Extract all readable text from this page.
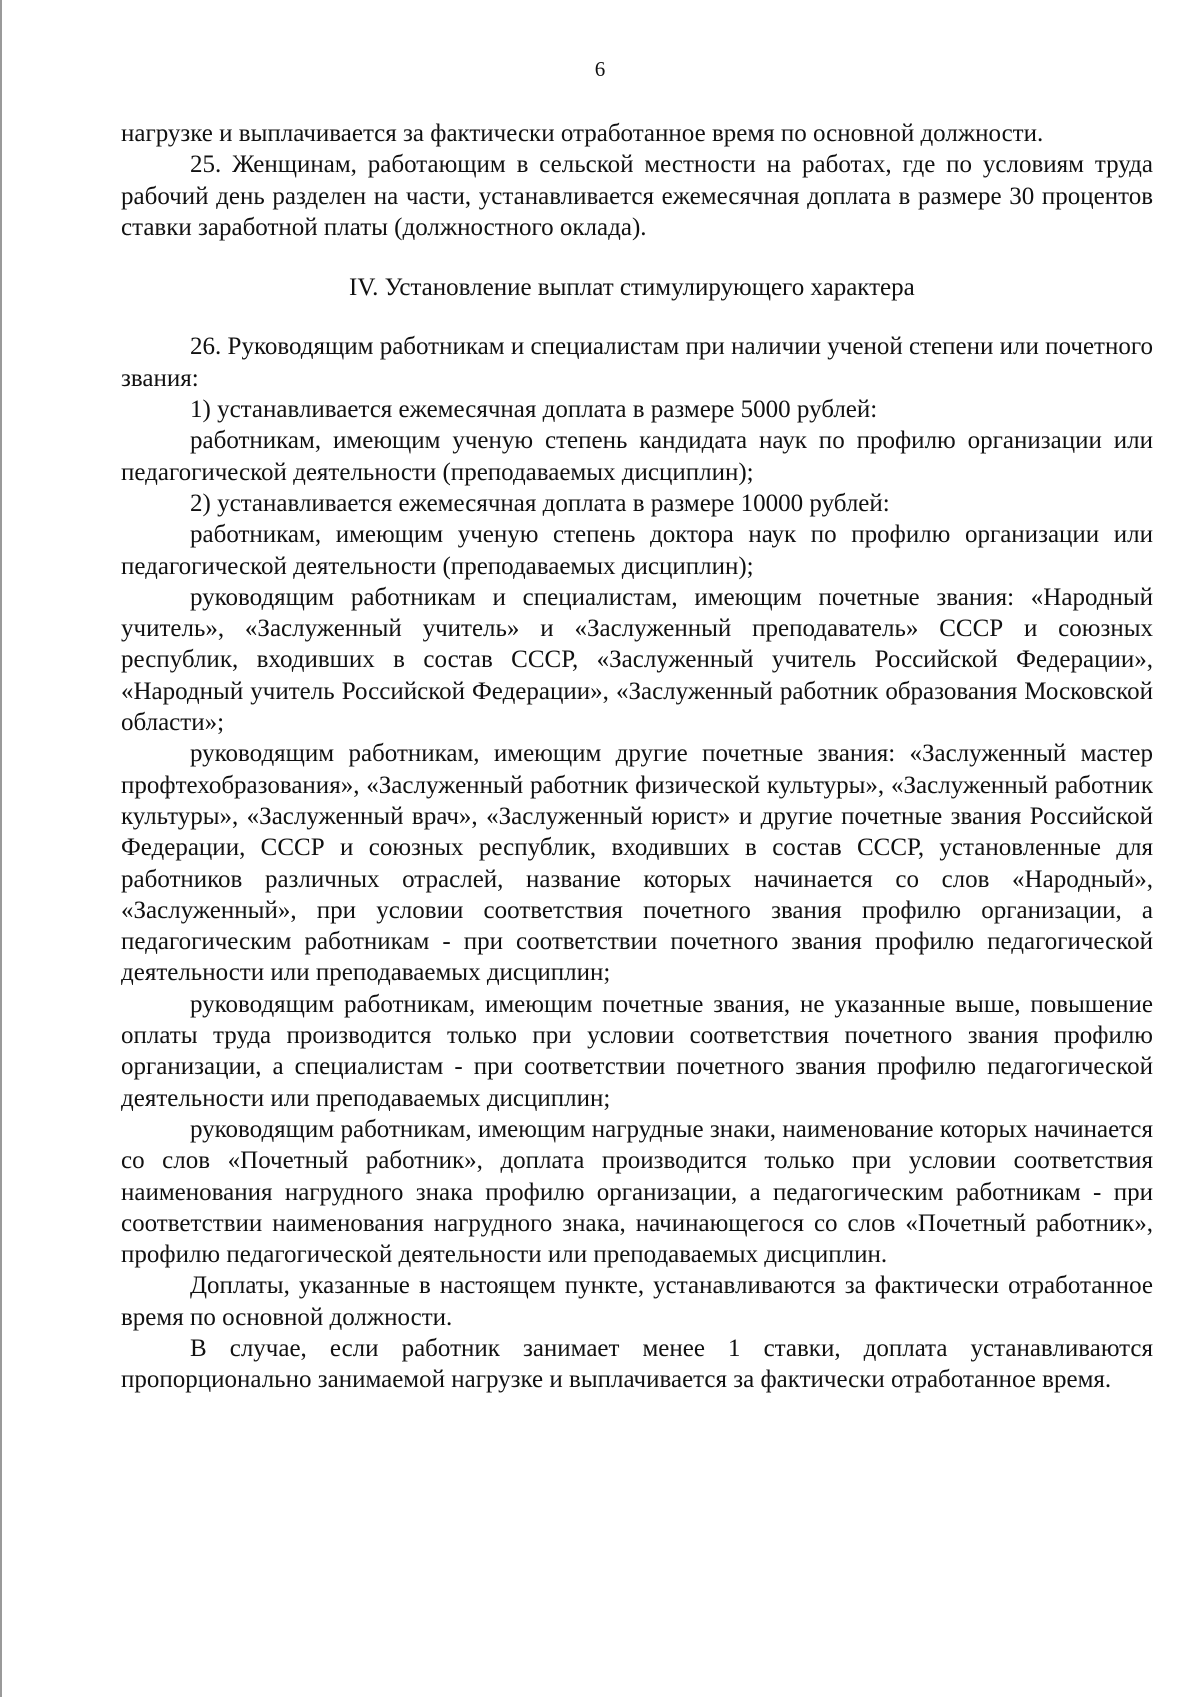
6

нагрузке и выплачивается за фактически отработанное время по основной должности.

25. Женщинам, работающим в сельской местности на работах, где по условиям труда рабочий день разделен на части, устанавливается ежемесячная доплата в размере 30 процентов ставки заработной платы (должностного оклада).

IV. Установление выплат стимулирующего характера

26. Руководящим работникам и специалистам при наличии ученой степени или почетного звания:

1) устанавливается ежемесячная доплата в размере 5000 рублей:

работникам, имеющим ученую степень кандидата наук по профилю организации или педагогической деятельности (преподаваемых дисциплин);

2) устанавливается ежемесячная доплата в размере 10000 рублей:

работникам, имеющим ученую степень доктора наук по профилю организации или педагогической деятельности (преподаваемых дисциплин);

руководящим работникам и специалистам, имеющим почетные звания: «Народный учитель», «Заслуженный учитель» и «Заслуженный преподаватель» СССР и союзных республик, входивших в состав СССР, «Заслуженный учитель Российской Федерации», «Народный учитель Российской Федерации», «Заслуженный работник образования Московской области»;

руководящим работникам, имеющим другие почетные звания: «Заслуженный мастер профтехобразования», «Заслуженный работник физической культуры», «Заслуженный работник культуры», «Заслуженный врач», «Заслуженный юрист» и другие почетные звания Российской Федерации, СССР и союзных республик, входивших в состав СССР, установленные для работников различных отраслей, название которых начинается со слов «Народный», «Заслуженный», при условии соответствия почетного звания профилю организации, а педагогическим работникам - при соответствии почетного звания профилю педагогической деятельности или преподаваемых дисциплин;

руководящим работникам, имеющим почетные звания, не указанные выше, повышение оплаты труда производится только при условии соответствия почетного звания профилю организации, а специалистам - при соответствии почетного звания профилю педагогической деятельности или преподаваемых дисциплин;

руководящим работникам, имеющим нагрудные знаки, наименование которых начинается со слов «Почетный работник», доплата производится только при условии соответствия наименования нагрудного знака профилю организации, а педагогическим работникам - при соответствии наименования нагрудного знака, начинающегося со слов «Почетный работник», профилю педагогической деятельности или преподаваемых дисциплин.

Доплаты, указанные в настоящем пункте, устанавливаются за фактически отработанное время по основной должности.

В случае, если работник занимает менее 1 ставки, доплата устанавливаются пропорционально занимаемой нагрузке и выплачивается за фактически отработанное время.
